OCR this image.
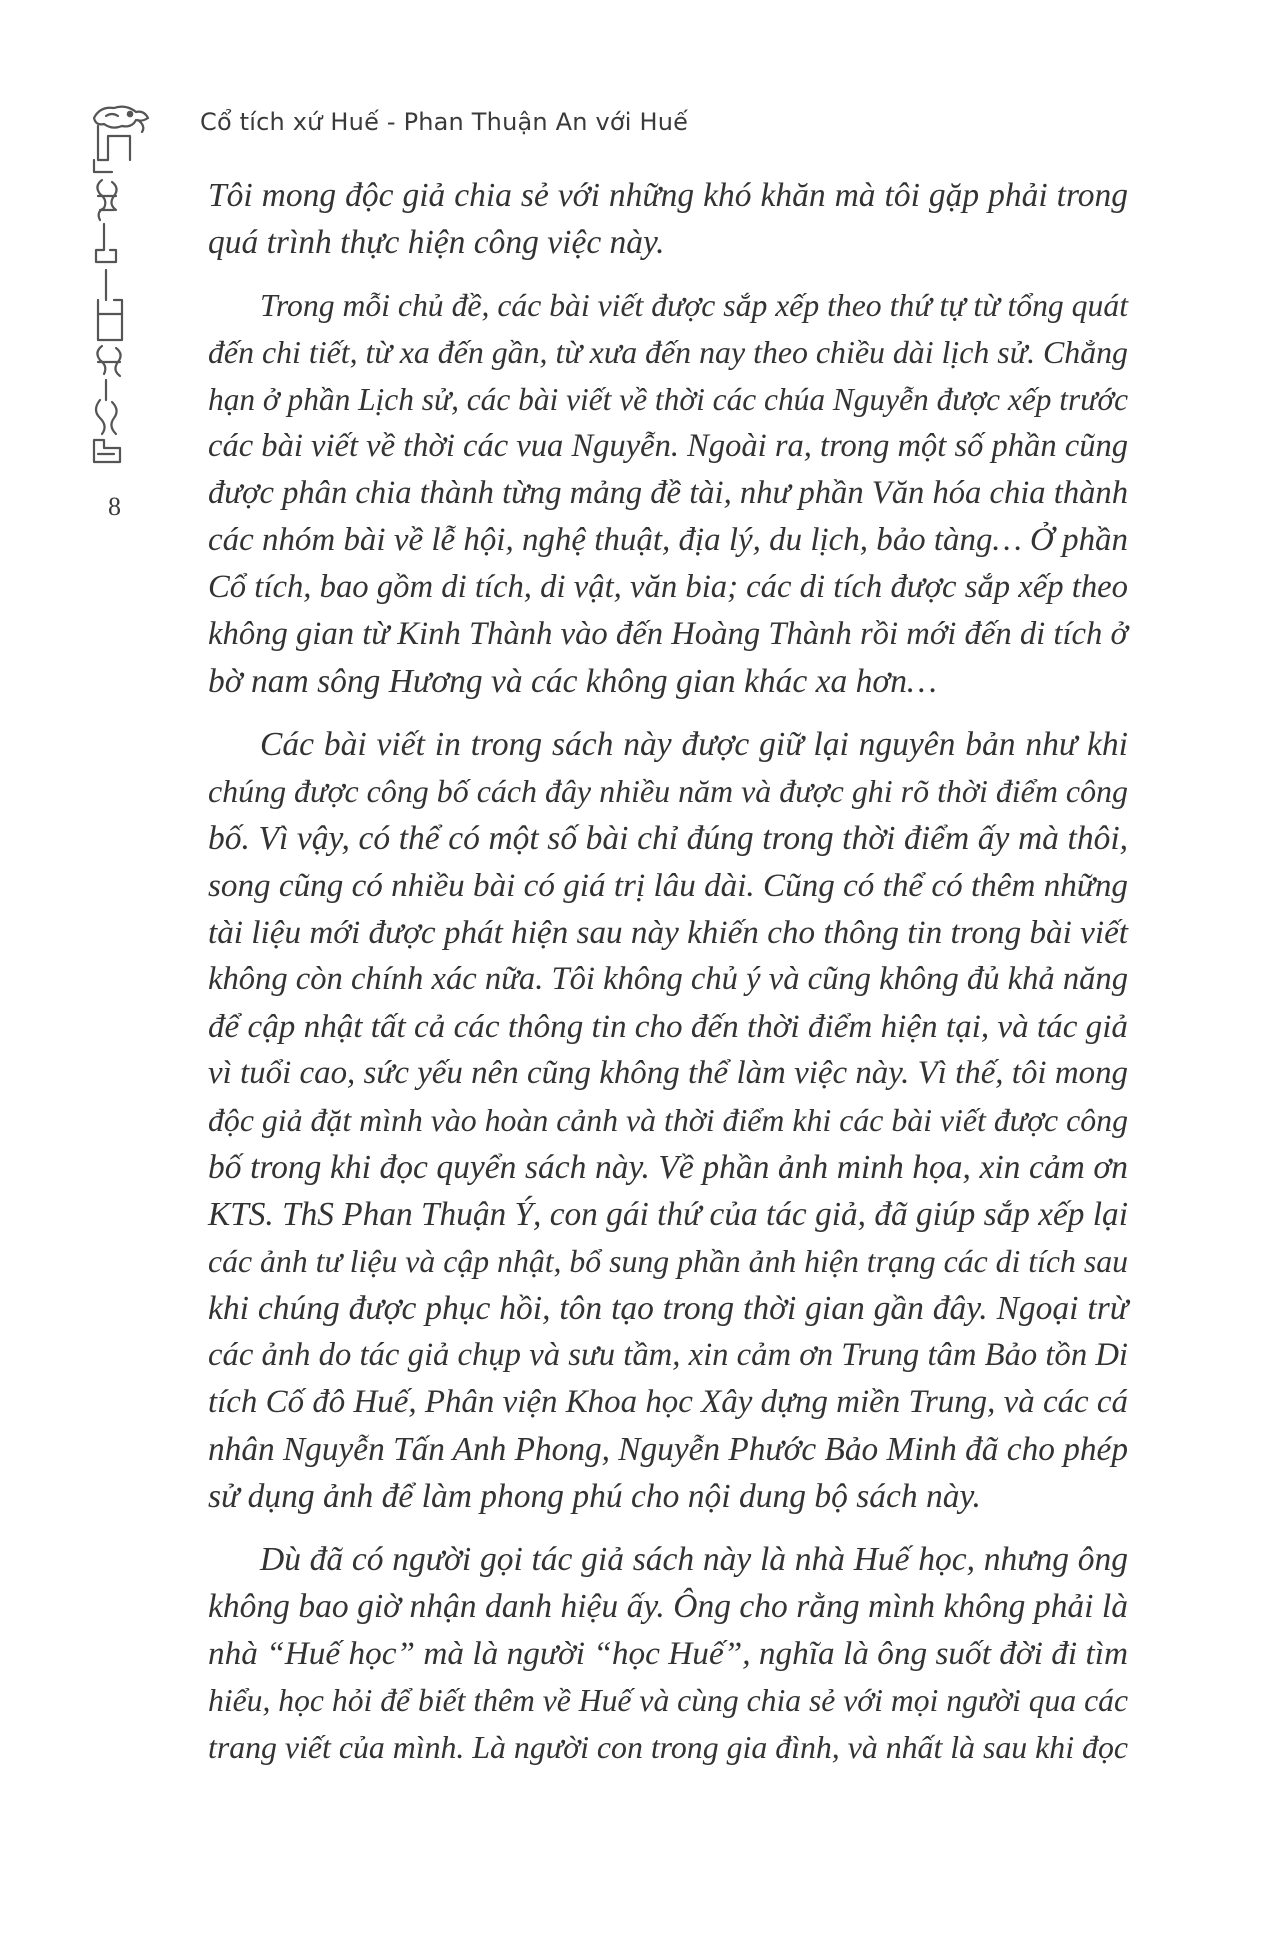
Cổ tích xứ Huế - Phan Thuận An với Huế
8
Tôi mong độc giả chia sẻ với những khó khăn mà tôi gặp phải trong
quá trình thực hiện công việc này.
Trong mỗi chủ đề, các bài viết được sắp xếp theo thứ tự từ tổng quát
đến chi tiết, từ xa đến gần, từ xưa đến nay theo chiều dài lịch sử. Chẳng
hạn ở phần Lịch sử, các bài viết về thời các chúa Nguyễn được xếp trước
các bài viết về thời các vua Nguyễn. Ngoài ra, trong một số phần cũng
được phân chia thành từng mảng đề tài, như phần Văn hóa chia thành
các nhóm bài về lễ hội, nghệ thuật, địa lý, du lịch, bảo tàng… Ở phần
Cổ tích, bao gồm di tích, di vật, văn bia; các di tích được sắp xếp theo
không gian từ Kinh Thành vào đến Hoàng Thành rồi mới đến di tích ở
bờ nam sông Hương và các không gian khác xa hơn…
Các bài viết in trong sách này được giữ lại nguyên bản như khi
chúng được công bố cách đây nhiều năm và được ghi rõ thời điểm công
bố. Vì vậy, có thể có một số bài chỉ đúng trong thời điểm ấy mà thôi,
song cũng có nhiều bài có giá trị lâu dài. Cũng có thể có thêm những
tài liệu mới được phát hiện sau này khiến cho thông tin trong bài viết
không còn chính xác nữa. Tôi không chủ ý và cũng không đủ khả năng
để cập nhật tất cả các thông tin cho đến thời điểm hiện tại, và tác giả
vì tuổi cao, sức yếu nên cũng không thể làm việc này. Vì thế, tôi mong
độc giả đặt mình vào hoàn cảnh và thời điểm khi các bài viết được công
bố trong khi đọc quyển sách này. Về phần ảnh minh họa, xin cảm ơn
KTS. ThS Phan Thuận Ý, con gái thứ của tác giả, đã giúp sắp xếp lại
các ảnh tư liệu và cập nhật, bổ sung phần ảnh hiện trạng các di tích sau
khi chúng được phục hồi, tôn tạo trong thời gian gần đây. Ngoại trừ
các ảnh do tác giả chụp và sưu tầm, xin cảm ơn Trung tâm Bảo tồn Di
tích Cố đô Huế, Phân viện Khoa học Xây dựng miền Trung, và các cá
nhân Nguyễn Tấn Anh Phong, Nguyễn Phước Bảo Minh đã cho phép
sử dụng ảnh để làm phong phú cho nội dung bộ sách này.
Dù đã có người gọi tác giả sách này là nhà Huế học, nhưng ông
không bao giờ nhận danh hiệu ấy. Ông cho rằng mình không phải là
nhà “Huế học” mà là người “học Huế”, nghĩa là ông suốt đời đi tìm
hiểu, học hỏi để biết thêm về Huế và cùng chia sẻ với mọi người qua các
trang viết của mình. Là người con trong gia đình, và nhất là sau khi đọc
